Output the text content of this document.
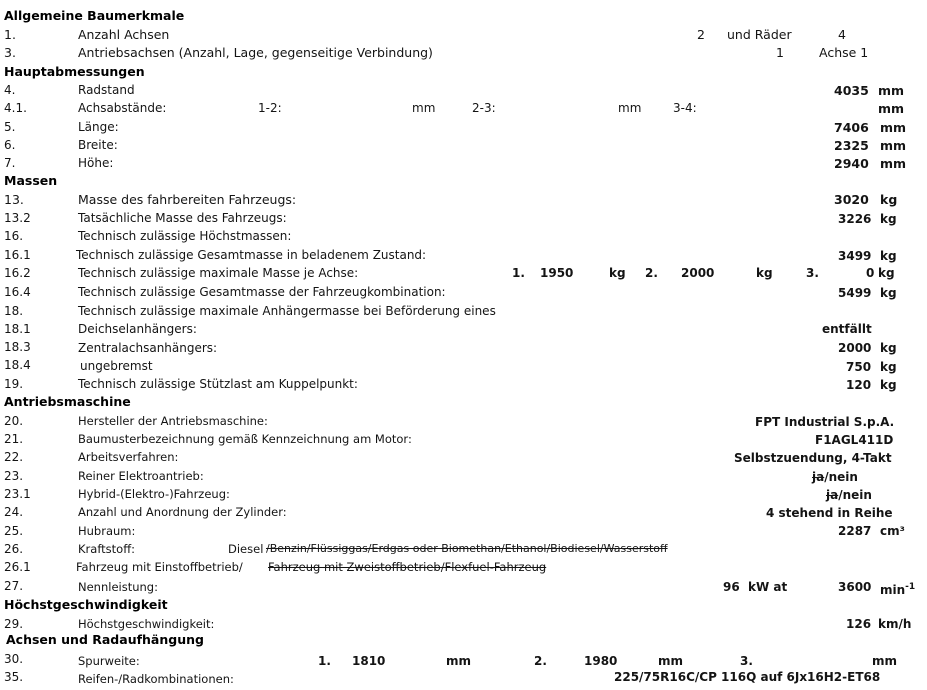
Allgemeine Baumerkmale
1.	Anzahl Achsen	2 und Räder	4
3.	Antriebsachsen (Anzahl, Lage, gegenseitige Verbindung)	1	Achse 1
Hauptabmessungen
4.	Radstand	4035 mm
4.1.	Achsabstände:	1-2:	mm	2-3:	mm	3-4:	mm
5.	Länge:	7406 mm
6.	Breite:	2325 mm
7.	Höhe:	2940 mm
Massen
13.	Masse des fahrbereiten Fahrzeugs:	3020 kg
13.2	Tatsächliche Masse des Fahrzeugs:	3226 kg
16.	Technisch zulässige Höchstmassen:
16.1	Technisch zulässige Gesamtmasse in beladenem Zustand:	3499 kg
16.2	Technisch zulässige maximale Masse je Achse:	1. 1950	kg 2. 2000	kg	3.	0 kg
16.4	Technisch zulässige Gesamtmasse der Fahrzeugkombination:	5499 kg
18.	Technisch zulässige maximale Anhängermasse bei Beförderung eines
18.1	Deichselanhängers:	entfällt
18.3	Zentralachsanhängers:	2000 kg
18.4	ungebremst	750 kg
19.	Technisch zulässige Stützlast am Kuppelpunkt:	120 kg
Antriebsmaschine
20.	Hersteller der Antriebsmaschine:	FPT Industrial S.p.A.
21.	Baumusterbezeichnung gemäß Kennzeichnung am Motor:	F1AGL411D
22.	Arbeitsverfahren:	Selbstzuendung, 4-Takt
23.	Reiner Elektroantrieb:	ja/nein
23.1	Hybrid-(Elektro-)Fahrzeug:	ja/nein
24.	Anzahl und Anordnung der Zylinder:	4 stehend in Reihe
25.	Hubraum:	2287 cm³
26.	Kraftstoff:	Diesel /Benzin/Flüssiggas/Erdgas oder Biomethan/Ethanol/Biodiesel/Wasserstoff
26.1	Fahrzeug mit Einstoffbetrieb/ Fahrzeug mit Zweistoffbetrieb/Flexfuel-Fahrzeug
27.	Nennleistung:	96 kW at	3600 $\min^{-1}$
Höchstgeschwindigkeit
29.	Höchstgeschwindigkeit:	126 km/h
Achsen und Radaufhängung
30.	Spurweite:	1. 1810	mm	2.	1980	mm	3.	mm
35.	Reifen-/Radkombinationen:	225/75R16C/CP 116Q auf 6Jx16H2-ET68
